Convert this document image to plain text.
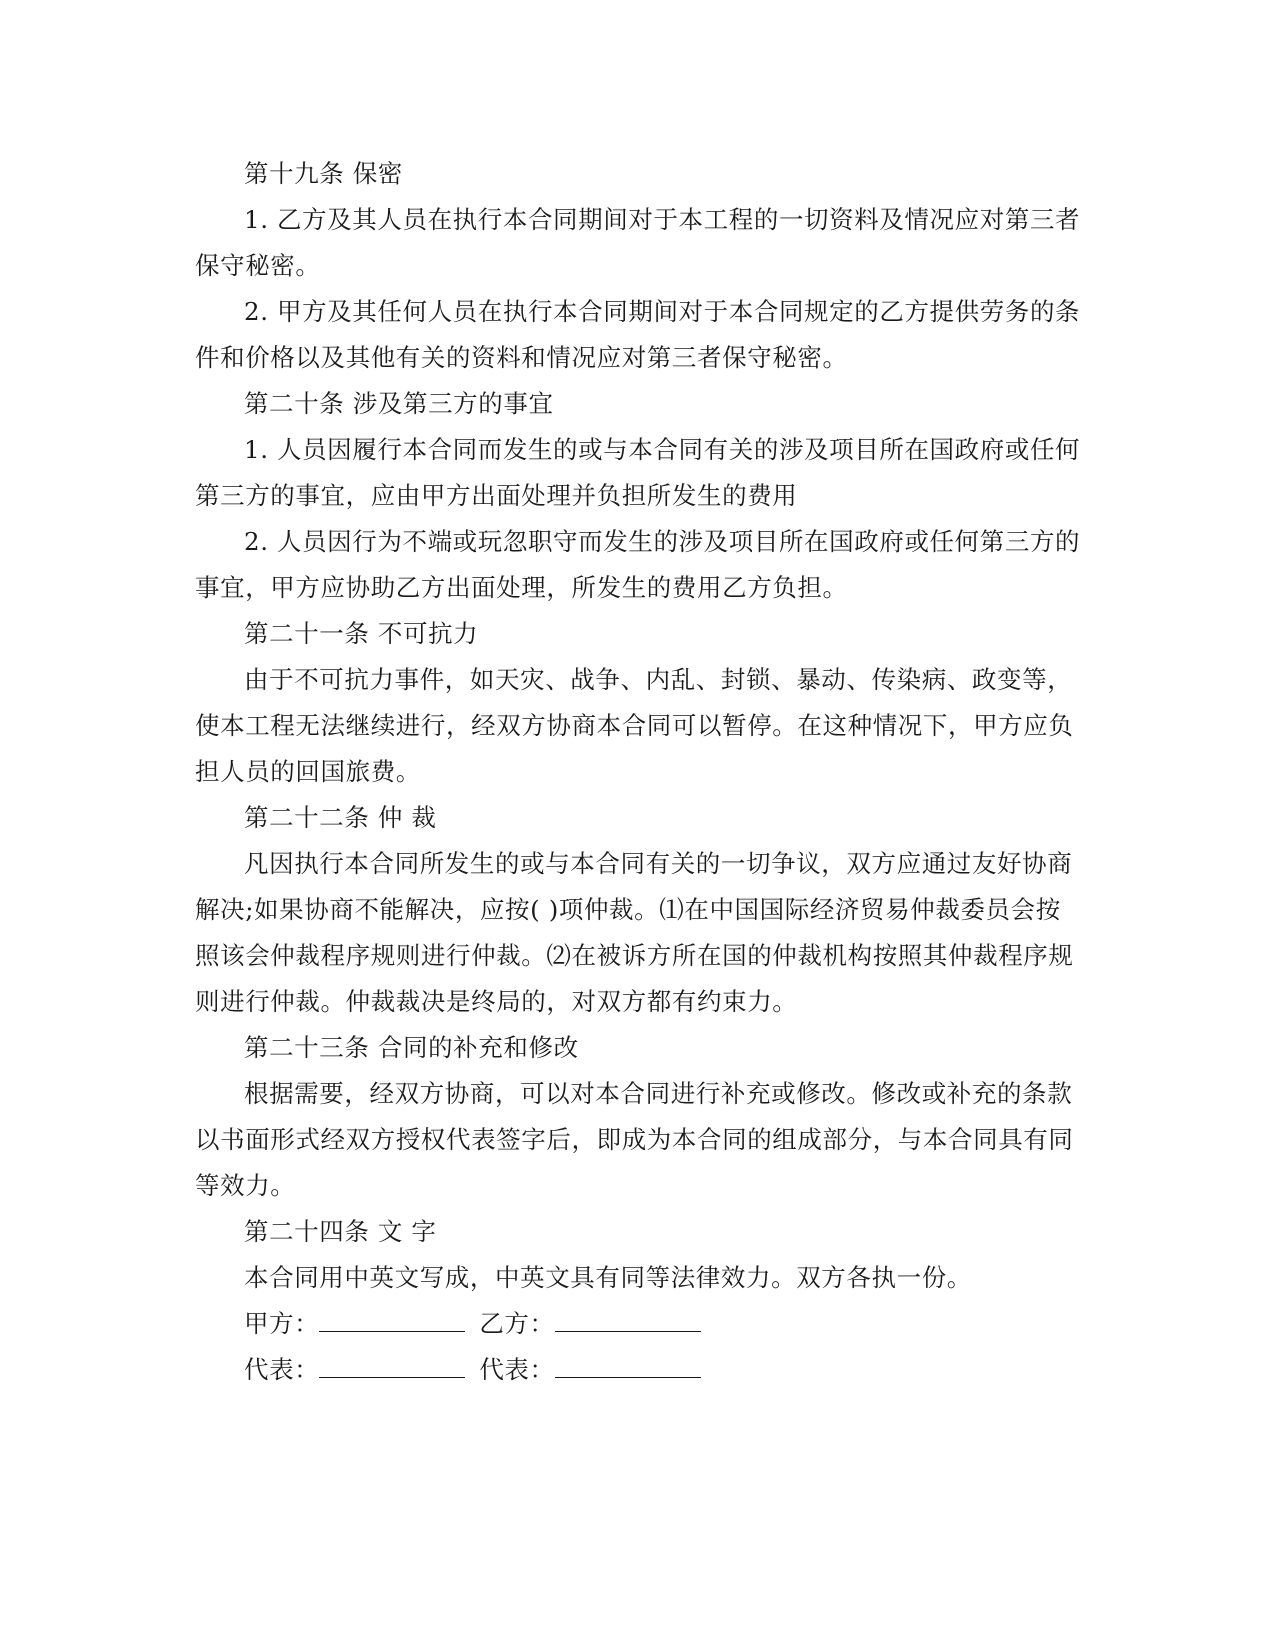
第十九条 保密
1. 乙方及其人员在执行本合同期间对于本工程的一切资料及情况应对第三者
保守秘密。
2. 甲方及其任何人员在执行本合同期间对于本合同规定的乙方提供劳务的条
件和价格以及其他有关的资料和情况应对第三者保守秘密。
第二十条 涉及第三方的事宜
1. 人员因履行本合同而发生的或与本合同有关的涉及项目所在国政府或任何
第三方的事宜，应由甲方出面处理并负担所发生的费用
2. 人员因行为不端或玩忽职守而发生的涉及项目所在国政府或任何第三方的
事宜，甲方应协助乙方出面处理，所发生的费用乙方负担。
第二十一条 不可抗力
由于不可抗力事件，如天灾、战争、内乱、封锁、暴动、传染病、政变等，
使本工程无法继续进行，经双方协商本合同可以暂停。在这种情况下，甲方应负
担人员的回国旅费。
第二十二条 仲 裁
凡因执行本合同所发生的或与本合同有关的一切争议，双方应通过友好协商
解决;如果协商不能解决，应按( )项仲裁。⑴在中国国际经济贸易仲裁委员会按
照该会仲裁程序规则进行仲裁。⑵在被诉方所在国的仲裁机构按照其仲裁程序规
则进行仲裁。仲裁裁决是终局的，对双方都有约束力。
第二十三条 合同的补充和修改
根据需要，经双方协商，可以对本合同进行补充或修改。修改或补充的条款
以书面形式经双方授权代表签字后，即成为本合同的组成部分，与本合同具有同
等效力。
第二十四条 文 字
本合同用中英文写成，中英文具有同等法律效力。双方各执一份。
甲方：	乙方：
代表：	代表：
